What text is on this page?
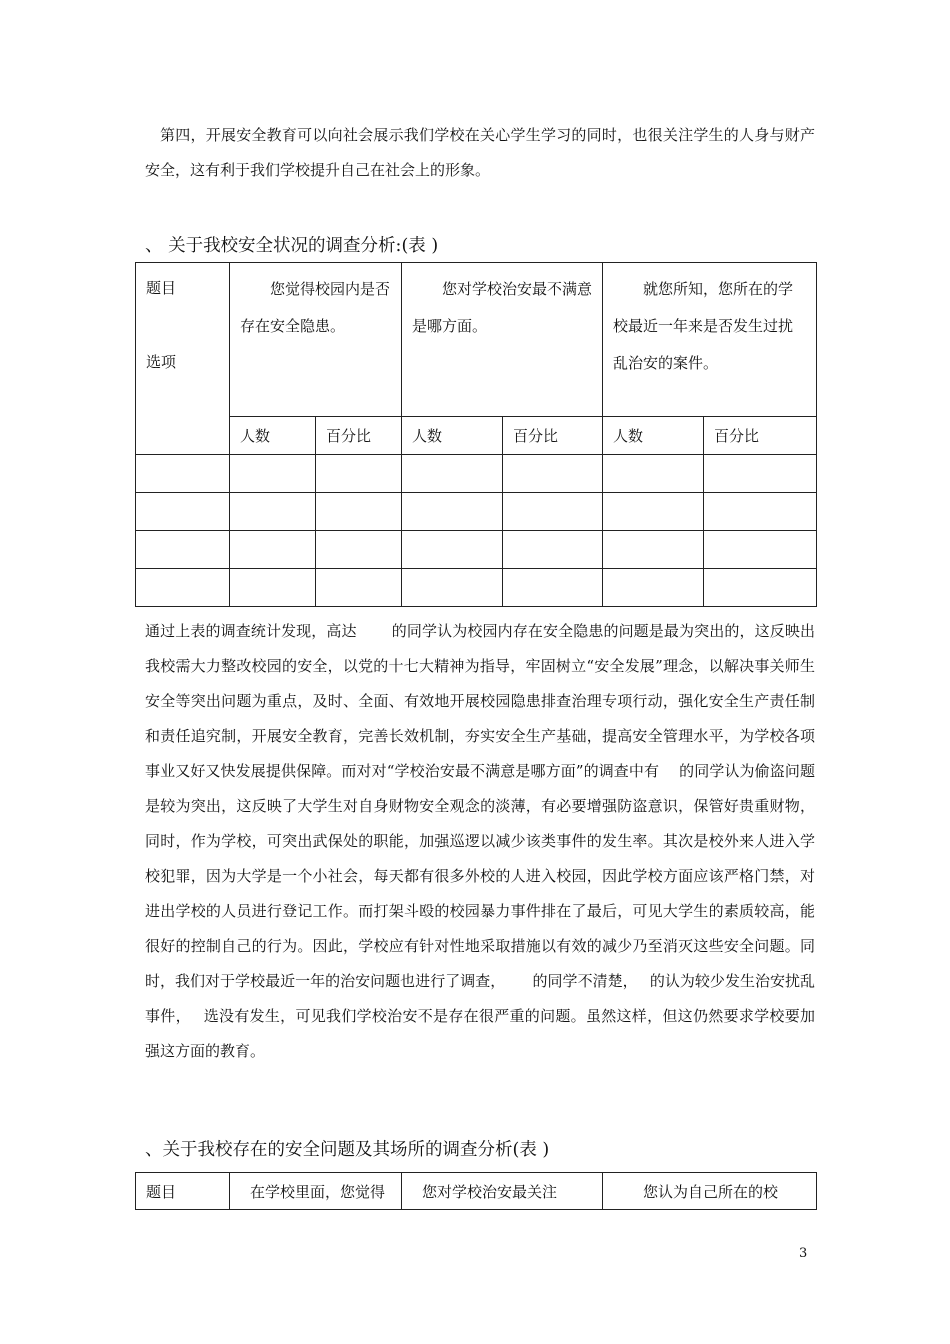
第四，开展安全教育可以向社会展示我们学校在关心学生学习的同时，也很关注学生的人身与财产安全，这有利于我们学校提升自己在社会上的形象。

、 关于我校安全状况的调查分析:(表 )

题目
选项	您觉得校园内是否存在安全隐患。		您对学校治安最不满意是哪方面。		就您所知，您所在的学校最近一年来是否发生过扰乱治安的案件。	
	人数	百分比	人数	百分比	人数	百分比

通过上表的调查统计发现，高达　　 的同学认为校园内存在安全隐患的问题是最为突出的，这反映出我校需大力整改校园的安全，以党的十七大精神为指导，牢固树立“安全发展”理念，以解决事关师生安全等突出问题为重点，及时、全面、有效地开展校园隐患排查治理专项行动，强化安全生产责任制和责任追究制，开展安全教育，完善长效机制，夯实安全生产基础，提高安全管理水平，为学校各项事业又好又快发展提供保障。而对对“学校治安最不满意是哪方面”的调查中有　 的同学认为偷盗问题是较为突出，这反映了大学生对自身财物安全观念的淡薄，有必要增强防盗意识，保管好贵重财物，同时，作为学校，可突出武保处的职能，加强巡逻以减少该类事件的发生率。其次是校外来人进入学校犯罪，因为大学是一个小社会，每天都有很多外校的人进入校园，因此学校方面应该严格门禁，对进出学校的人员进行登记工作。而打架斗殴的校园暴力事件排在了最后，可见大学生的素质较高，能很好的控制自己的行为。因此，学校应有针对性地采取措施以有效的减少乃至消灭这些安全问题。同时，我们对于学校最近一年的治安问题也进行了调查，　　 的同学不清楚，　 的认为较少发生治安扰乱事件，　 选没有发生，可见我们学校治安不是存在很严重的问题。虽然这样，但这仍然要求学校要加强这方面的教育。

、关于我校存在的安全问题及其场所的调查分析(表 )

题目	在学校里面，您觉得	您对学校治安最关注	您认为自己所在的校
3
